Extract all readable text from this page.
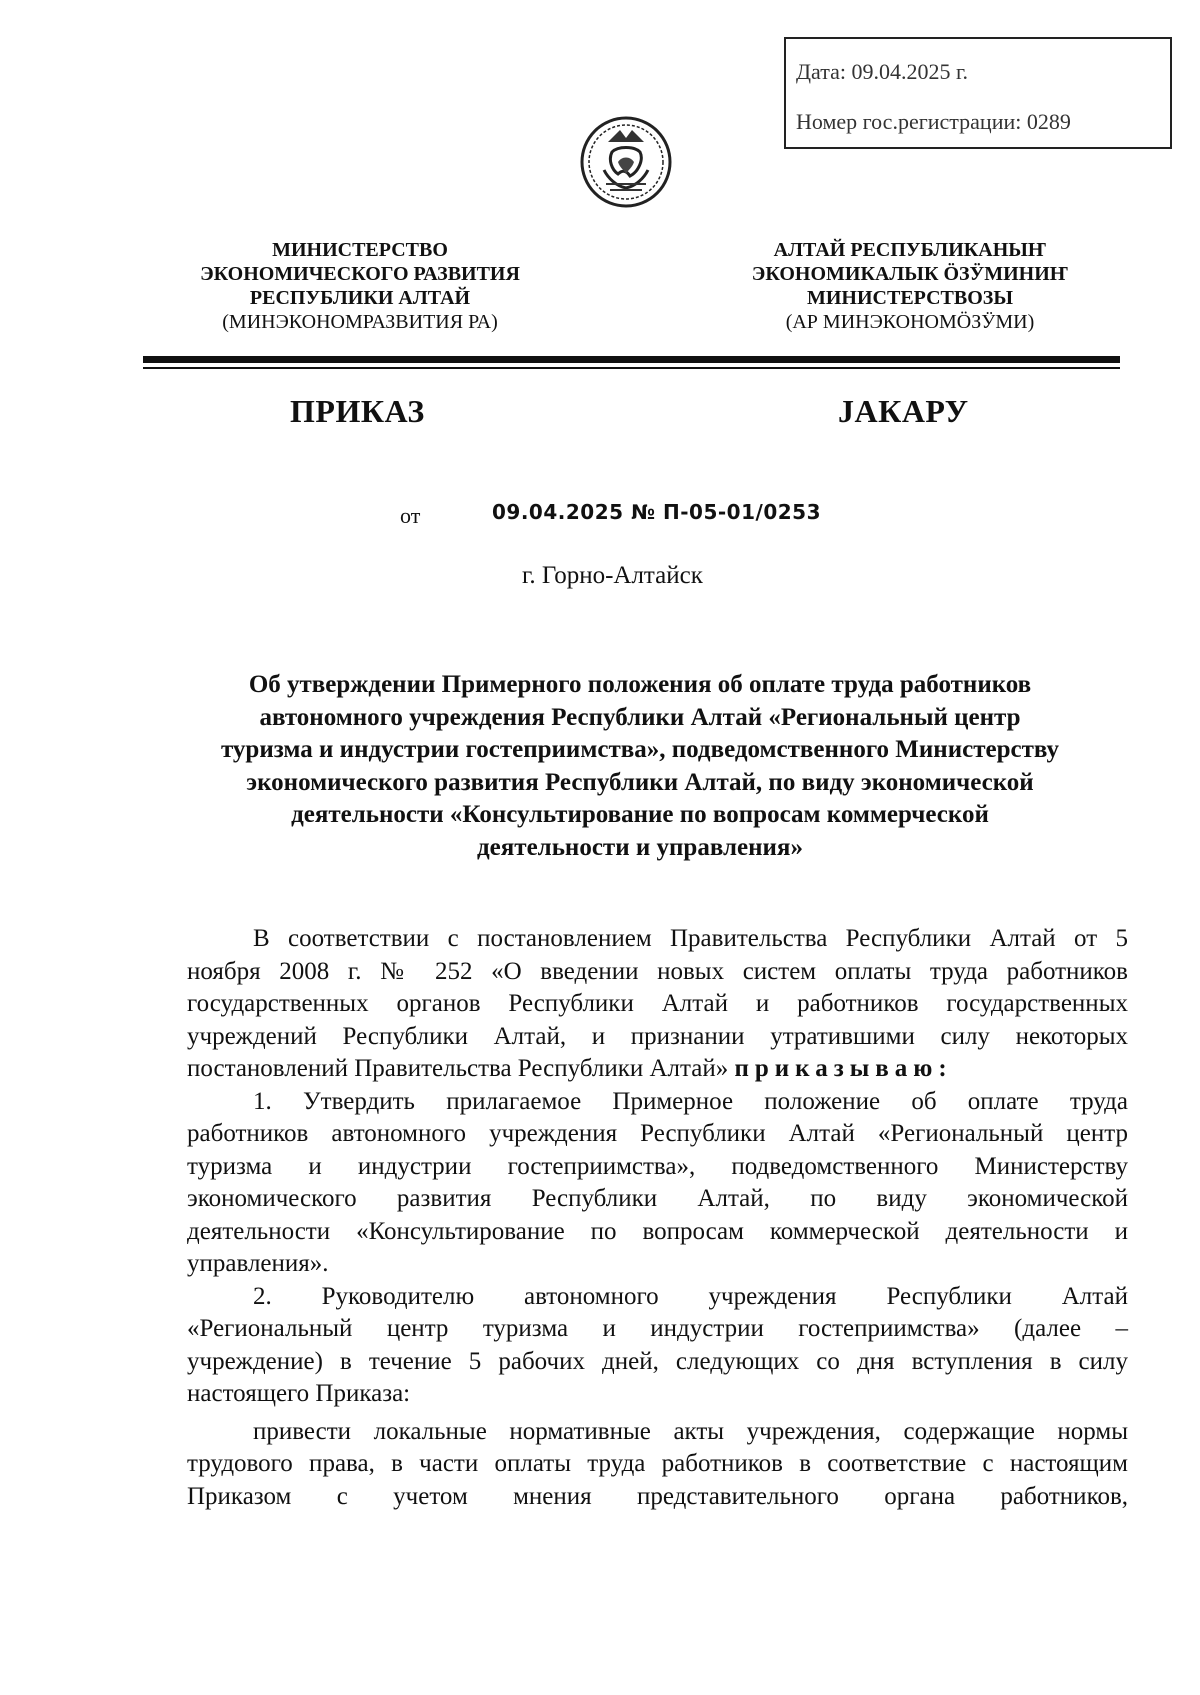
Дата: 09.04.2025 г.
Номер гос.регистрации: 0289
МИНИСТЕРСТВО
ЭКОНОМИЧЕСКОГО РАЗВИТИЯ
РЕСПУБЛИКИ АЛТАЙ
(МИНЭКОНОМРАЗВИТИЯ РА)
АЛТАЙ РЕСПУБЛИКАНЫҤ
ЭКОНОМИКАЛЫК ÖЗӰМИНИҤ
МИНИСТЕРСТВОЗЫ
(АР МИНЭКОНОМÖЗӰМИ)
ПРИКАЗ	JАКАРУ
от	09.04.2025 № П-05-01/0253
г. Горно-Алтайск
Об утверждении Примерного положения об оплате труда работников
автономного учреждения Республики Алтай «Региональный центр
туризма и индустрии гостеприимства», подведомственного Министерству
экономического развития Республики Алтай, по виду экономической
деятельности «Консультирование по вопросам коммерческой
деятельности и управления»
В соответствии с постановлением Правительства Республики Алтай от 5
ноября 2008 г. № 252 «О введении новых систем оплаты труда работников
государственных органов Республики Алтай и работников государственных
учреждений Республики Алтай, и признании утратившими силу некоторых
постановлений Правительства Республики Алтай» приказываю:
1. Утвердить прилагаемое Примерное положение об оплате труда
работников автономного учреждения Республики Алтай «Региональный центр
туризма и индустрии гостеприимства», подведомственного Министерству
экономического развития Республики Алтай, по виду экономической
деятельности «Консультирование по вопросам коммерческой деятельности и
управления».
2. Руководителю автономного учреждения Республики Алтай
«Региональный центр туризма и индустрии гостеприимства» (далее –
учреждение) в течение 5 рабочих дней, следующих со дня вступления в силу
настоящего Приказа:
привести локальные нормативные акты учреждения, содержащие нормы
трудового права, в части оплаты труда работников в соответствие с настоящим
Приказом с учетом мнения представительного органа работников,
